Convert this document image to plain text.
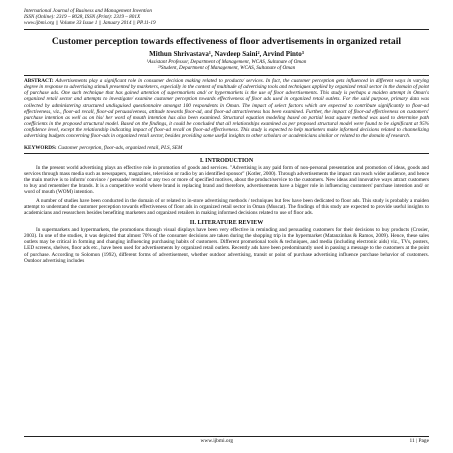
International Journal of Business and Management Invention
ISSN (Online): 2319 – 8028, ISSN (Print): 2319 – 801X
www.ijbmi.org || Volume 33 Issue 1 || January 2014 || PP.11-19
Customer perception towards effectiveness of floor advertisements in organized retail
Mithun Shrivastava¹, Navdeep Saini², Arvind Pinto³
¹Assistant Professor, Department of Management, WCAS, Sultanate of Oman
²³Student, Department of Management, WCAS, Sultanate of Oman
ABSTRACT: Advertisements play a significant role in consumer decision making related to products/ services. In fact, the customer perception gets influenced in different ways in varying degree in response to advertising stimuli presented by marketers, especially in the context of multitude of advertising tools and techniques applied by organized retail sector in the domain of point of purchase ads. One such technique that has gained attention of supermarkets and/ or hypermarkets is the use of floor advertisements. This study is perhaps a maiden attempt in Oman's organized retail sector and attempts to investigate/ examine customer perception towards effectiveness of floor ads used in organized retail outlets. For the said purpose, primary data was collected by administering structured undisguised questionnaire amongst 100 respondents in Oman. The impact of select factors which are expected to contribute significantly to floor-ad effectiveness, viz., floor-ad recall, floor-ad persuasiveness, attitude towards floor-ad, and floor-ad attractiveness has been examined. Further, the impact of floor-ad effectiveness on customers' purchase intention as well as on his/ her word of mouth intention has also been examined. Structural equation modeling based on partial least square method was used to determine path coefficients in the proposed structural model. Based on the findings, it could be concluded that all relationships examined as per proposed structural model were found to be significant at 95% confidence level, except the relationship indicating impact of floor-ad recall on floor-ad effectiveness. This study is expected to help marketers make informed decisions related to channelizing advertising budgets concerning floor-ads in organized retail sector, besides providing some useful insights to other scholars or academicians similar or related to the domain of research.
KEYWORDS: Customer perception, floor-ads, organized retail, PLS, SEM
I. INTRODUCTION

In the present world advertising plays an effective role in promotion of goods and services. "Advertising is any paid form of non-personal presentation and promotion of ideas, goods and services through mass media such as newspapers, magazines, television or radio by an identified sponsor" (Kotler, 2000). Through advertisements the impact can reach wider audience, and hence the main motive is to inform/ convince / persuade/ remind or any two or more of specified motives, about the product/service to the customers. New ideas and innovative ways attract customers to buy and remember the brands. It is a competitive world where brand is replacing brand and therefore, advertisements have a bigger role in influencing customers' purchase intention and/ or word of mouth (WOM) intention.

A number of studies have been conducted in the domain of or related to in-store advertising methods / techniques but few have been dedicated to floor ads. This study is probably a maiden attempt to understand the customer perception towards effectiveness of floor ads in organized retail sector in Oman (Muscat). The findings of this study are expected to provide useful insights to academicians and researchers besides benefiting marketers and organized retailers in making informed decisions related to use of floor ads.

II. LITERATURE REVIEW

In supermarkets and hypermarkets, the promotions through visual displays have been very effective in reminding and persuading customers for their decisions to buy products (Crosier, 2003). In one of the studies, it was depicted that almost 70% of the consumer decisions are taken during the shopping trip in the hypermarket (Matanzinhas & Ramos, 2009). Hence, these sales outlets may be critical in forming and changing influencing purchasing habits of customers. Different promotional tools & techniques, and media (including electronic aids) viz., TVs, posters, LED screens, shelves, floor ads etc., have been used for advertisements by organized retail outlets. Recently ads have been predominantly used in passing a message to the customers at the point of purchase. According to Solomon (1992), different forms of advertisement, whether outdoor advertising, transit or point of purchase advertising influence purchase behavior of customers. Outdoor advertising includes

www.ijbmi.org	11 | Page
